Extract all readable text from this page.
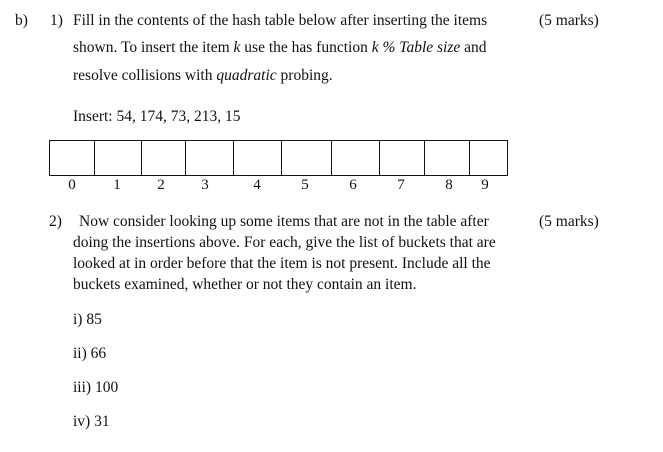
b) 1)	(5 marks)
Fill in the contents of the hash table below after inserting the items
shown. To insert the item k use the has function k % Table size and
resolve collisions with quadratic probing.
Insert: 54, 174, 73, 213, 15
0	1 2 3	4	5	6	7	8 9
2)	(5 marks)
Now consider looking up some items that are not in the table after
doing the insertions above. For each, give the list of buckets that are
looked at in order before that the item is not present. Include all the
buckets examined, whether or not they contain an item.
i) 85
ii) 66
iii) 100
iv) 31
